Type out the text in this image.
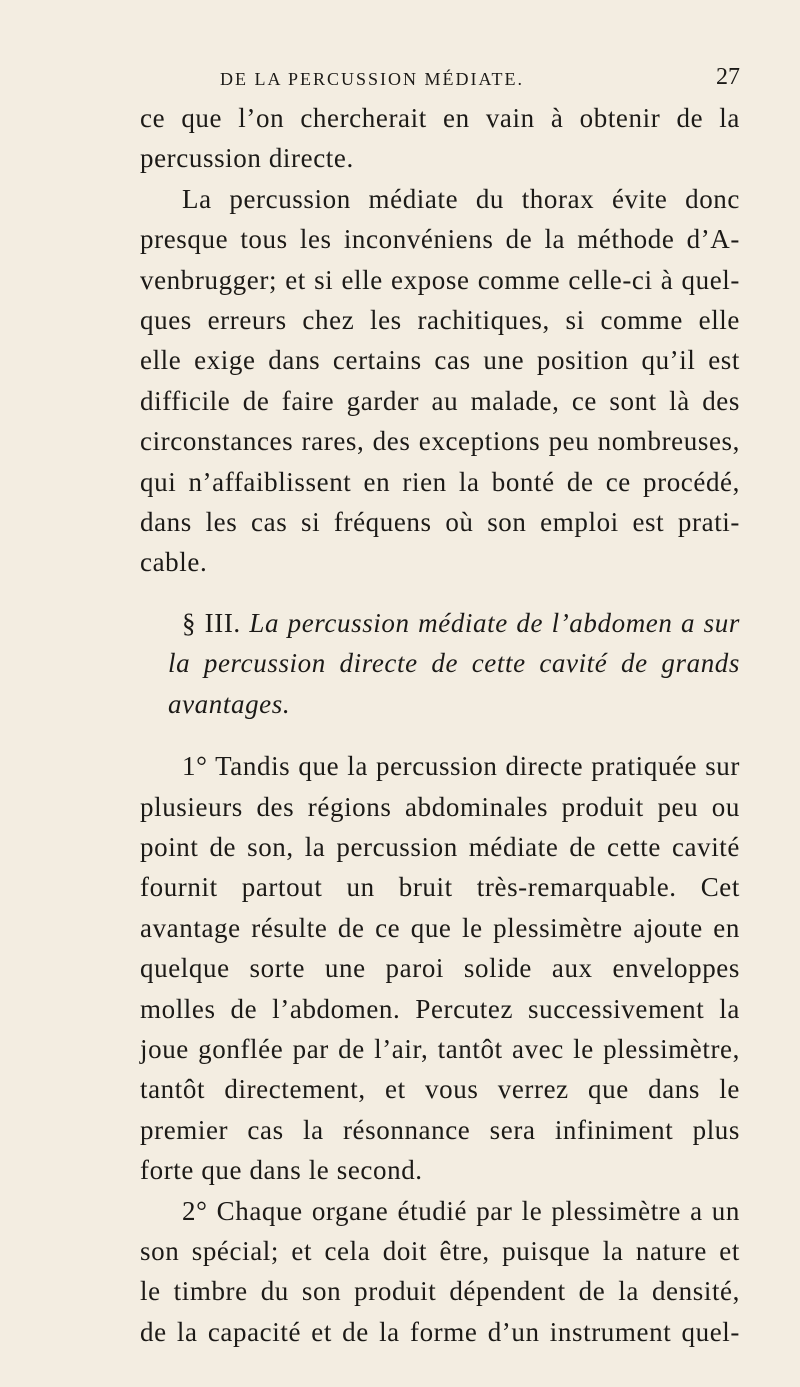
DE LA PERCUSSION MÉDIATE.	27
ce que l’on chercherait en vain à obtenir de la
percussion directe.
La percussion médiate du thorax évite donc
presque tous les inconvéniens de la méthode d’A-
venbrugger; et si elle expose comme celle-ci à quel-
ques erreurs chez les rachitiques, si comme elle
elle exige dans certains cas une position qu’il est
difficile de faire garder au malade, ce sont là des
circonstances rares, des exceptions peu nombreuses,
qui n’affaiblissent en rien la bonté de ce procédé,
dans les cas si fréquens où son emploi est prati-
cable.
§ III. La percussion médiate de l’abdomen a sur
la percussion directe de cette cavité de grands
avantages.
1° Tandis que la percussion directe pratiquée sur
plusieurs des régions abdominales produit peu ou
point de son, la percussion médiate de cette cavité
fournit partout un bruit très-remarquable. Cet
avantage résulte de ce que le plessimètre ajoute en
quelque sorte une paroi solide aux enveloppes
molles de l’abdomen. Percutez successivement la
joue gonflée par de l’air, tantôt avec le plessimètre,
tantôt directement, et vous verrez que dans le
premier cas la résonnance sera infiniment plus
forte que dans le second.
2° Chaque organe étudié par le plessimètre a un
son spécial; et cela doit être, puisque la nature et
le timbre du son produit dépendent de la densité,
de la capacité et de la forme d’un instrument quel-
